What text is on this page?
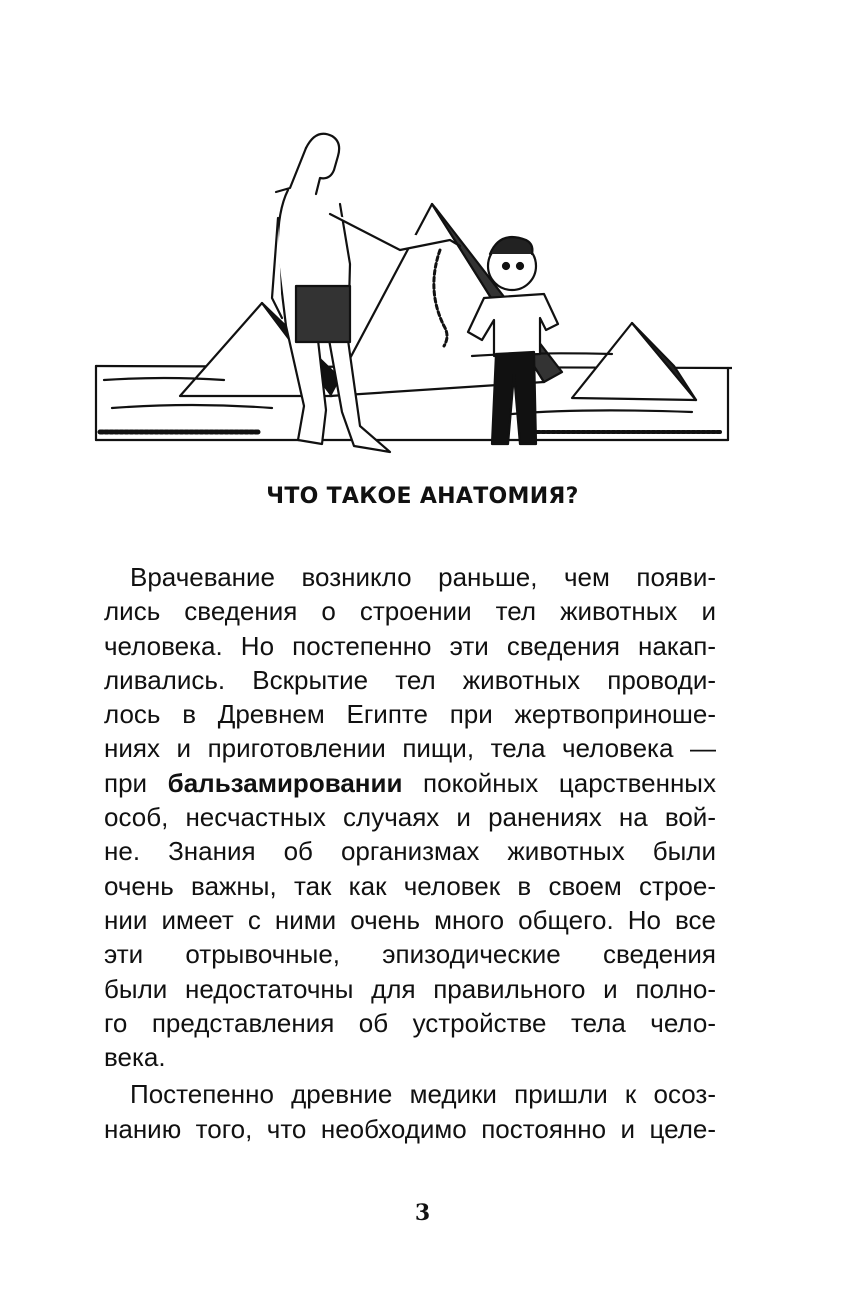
ЧТО ТАКОЕ АНАТОМИЯ?

Врачевание возникло раньше, чем появи-
лись сведения о строении тел животных и
человека. Но постепенно эти сведения накап-
ливались. Вскрытие тел животных проводи-
лось в Древнем Египте при жертвоприноше-
ниях и приготовлении пищи, тела человека —
при бальзамировании покойных царственных
особ, несчастных случаях и ранениях на вой-
не. Знания об организмах животных были
очень важны, так как человек в своем строе-
нии имеет с ними очень много общего. Но все
эти отрывочные, эпизодические сведения
были недостаточны для правильного и полно-
го представления об устройстве тела чело-
века.

Постепенно древние медики пришли к осоз-
нанию того, что необходимо постоянно и целе-

3
